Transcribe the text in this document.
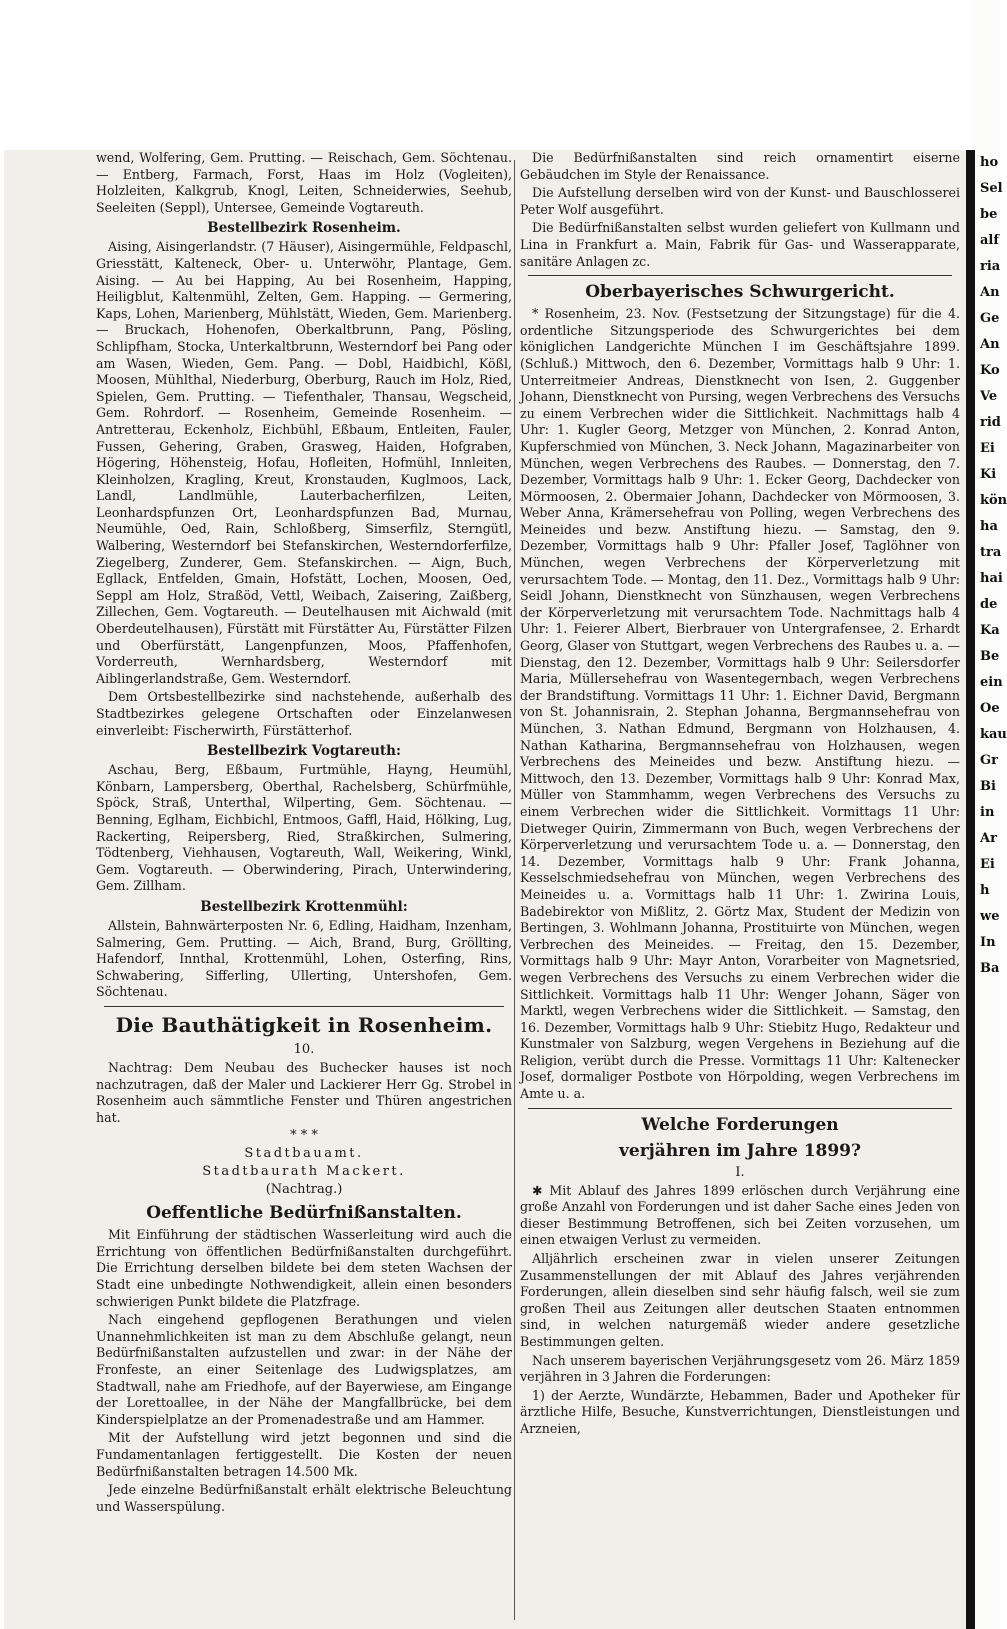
wend, Wolfering, Gem. Prutting. — Reischach, Gem. Söchtenau. — Entberg, Farmach, Forst, Haas im Holz (Vogleiten), Holzleiten, Kalkgrub, Knogl, Leiten, Schneiderwies, Seehub, Seeleiten (Seppl), Untersee, Gemeinde Vogtareuth.

Bestellbezirk Rosenheim.

Aising, Aisingerlandstr. (7 Häuser), Aisingermühle, Feldpaschl, Griesstätt, Kalteneck, Ober- u. Unterwöhr, Plantage, Gem. Aising. — Au bei Happing, Au bei Rosenheim, Happing, Heiligblut, Kaltenmühl, Zelten, Gem. Happing. — Germering, Kaps, Lohen, Marienberg, Mühlstätt, Wieden, Gem. Marienberg. — Bruckach, Hohenofen, Oberkaltbrunn, Pang, Pösling, Schlipfham, Stocka, Unterkaltbrunn, Westerndorf bei Pang oder am Wasen, Wieden, Gem. Pang. — Dobl, Haidbichl, Kößl, Moosen, Mühlthal, Niederburg, Oberburg, Rauch im Holz, Ried, Spielen, Gem. Prutting. — Tiefenthaler, Thansau, Wegscheid, Gem. Rohrdorf. — Rosenheim, Gemeinde Rosenheim. — Antretterau, Eckenholz, Eichbühl, Eßbaum, Entleiten, Fauler, Fussen, Gehering, Graben, Grasweg, Haiden, Hofgraben, Högering, Höhensteig, Hofau, Hofleiten, Hofmühl, Innleiten, Kleinholzen, Kragling, Kreut, Kronstauden, Kuglmoos, Lack, Landl, Landlmühle, Lauterbacherfilzen, Leiten, Leonhardspfunzen Ort, Leonhardspfunzen Bad, Murnau, Neumühle, Oed, Rain, Schloßberg, Simserfilz, Sterngütl, Walbering, Westerndorf bei Stefanskirchen, Westerndorferfilze, Ziegelberg, Zunderer, Gem. Stefanskirchen. — Aign, Buch, Egllack, Entfelden, Gmain, Hofstätt, Lochen, Moosen, Oed, Seppl am Holz, Straßöd, Vettl, Weibach, Zaisering, Zaißberg, Zillechen, Gem. Vogtareuth. — Deutelhausen mit Aichwald (mit Oberdeutelhausen), Fürstätt mit Fürstätter Au, Fürstätter Filzen und Oberfürstätt, Langenpfunzen, Moos, Pfaffenhofen, Vorderreuth, Wernhardsberg, Westerndorf mit Aiblingerlandstraße, Gem. Westerndorf.

Dem Ortsbestellbezirke sind nachstehende, außerhalb des Stadtbezirkes gelegene Ortschaften oder Einzelanwesen einverleibt: Fischerwirth, Fürstätterhof.

Bestellbezirk Vogtareuth:

Aschau, Berg, Eßbaum, Furtmühle, Hayng, Heumühl, Könbarn, Lampersberg, Oberthal, Rachelsberg, Schürfmühle, Spöck, Straß, Unterthal, Wilperting, Gem. Söchtenau. — Benning, Eglham, Eichbichl, Entmoos, Gaffl, Haid, Hölking, Lug, Rackerting, Reipersberg, Ried, Straßkirchen, Sulmering, Tödtenberg, Viehhausen, Vogtareuth, Wall, Weikering, Winkl, Gem. Vogtareuth. — Oberwindering, Pirach, Unterwindering, Gem. Zillham.

Bestellbezirk Krottenmühl:

Allstein, Bahnwärterposten Nr. 6, Edling, Haidham, Inzenham, Salmering, Gem. Prutting. — Aich, Brand, Burg, Gröllting, Hafendorf, Innthal, Krottenmühl, Lohen, Osterfing, Rins, Schwabering, Sifferling, Ullerting, Untershofen, Gem. Söchtenau.

Die Bauthätigkeit in Rosenheim.
10.

Nachtrag: Dem Neubau des Buchecker hauses ist noch nachzutragen, daß der Maler und Lackierer Herr Gg. Strobel in Rosenheim auch sämmtliche Fenster und Thüren angestrichen hat.

* * *
Stadtbauamt.
Stadtbaurath Mackert.
(Nachtrag.)
Oeffentliche Bedürfnißanstalten.

Mit Einführung der städtischen Wasserleitung wird auch die Errichtung von öffentlichen Bedürfnißanstalten durchgeführt. Die Errichtung derselben bildete bei dem steten Wachsen der Stadt eine unbedingte Nothwendigkeit, allein einen besonders schwierigen Punkt bildete die Platzfrage.

Nach eingehend gepflogenen Berathungen und vielen Unannehmlichkeiten ist man zu dem Abschluße gelangt, neun Bedürfnißanstalten aufzustellen und zwar: in der Nähe der Fronfeste, an einer Seitenlage des Ludwigsplatzes, am Stadtwall, nahe am Friedhofe, auf der Bayerwiese, am Eingange der Lorettoallee, in der Nähe der Mangfallbrücke, bei dem Kinderspielplatze an der Promenadestraße und am Hammer.

Mit der Aufstellung wird jetzt begonnen und sind die Fundamentanlagen fertiggestellt. Die Kosten der neuen Bedürfnißanstalten betragen 14.500 Mk.

Jede einzelne Bedürfnißanstalt erhält elektrische Beleuchtung und Wasserspülung.

Die Bedürfnißanstalten sind reich ornamentirt eiserne Gebäudchen im Style der Renaissance.

Die Aufstellung derselben wird von der Kunst- und Bauschlosserei Peter Wolf ausgeführt.

Die Bedürfnißanstalten selbst wurden geliefert von Kullmann und Lina in Frankfurt a. Main, Fabrik für Gas- und Wasserapparate, sanitäre Anlagen zc.

Oberbayerisches Schwurgericht.

* Rosenheim, 23. Nov. (Festsetzung der Sitzungstage) für die 4. ordentliche Sitzungsperiode des Schwurgerichtes bei dem königlichen Landgerichte München I im Geschäftsjahre 1899. (Schluß.) Mittwoch, den 6. Dezember, Vormittags halb 9 Uhr: 1. Unterreitmeier Andreas, Dienstknecht von Isen, 2. Guggenber Johann, Dienstknecht von Pursing, wegen Verbrechens des Versuchs zu einem Verbrechen wider die Sittlichkeit. Nachmittags halb 4 Uhr: 1. Kugler Georg, Metzger von München, 2. Konrad Anton, Kupferschmied von München, 3. Neck Johann, Magazinarbeiter von München, wegen Verbrechens des Raubes. — Donnerstag, den 7. Dezember, Vormittags halb 9 Uhr: 1. Ecker Georg, Dachdecker von Mörmoosen, 2. Obermaier Johann, Dachdecker von Mörmoosen, 3. Weber Anna, Krämersehefrau von Polling, wegen Verbrechens des Meineides und bezw. Anstiftung hiezu. — Samstag, den 9. Dezember, Vormittags halb 9 Uhr: Pfaller Josef, Taglöhner von München, wegen Verbrechens der Körperverletzung mit verursachtem Tode. — Montag, den 11. Dez., Vormittags halb 9 Uhr: Seidl Johann, Dienstknecht von Sünzhausen, wegen Verbrechens der Körperverletzung mit verursachtem Tode. Nachmittags halb 4 Uhr: 1. Feierer Albert, Bierbrauer von Untergrafensee, 2. Erhardt Georg, Glaser von Stuttgart, wegen Verbrechens des Raubes u. a. — Dienstag, den 12. Dezember, Vormittags halb 9 Uhr: Seilersdorfer Maria, Müllersehefrau von Wasentegernbach, wegen Verbrechens der Brandstiftung. Vormittags 11 Uhr: 1. Eichner David, Bergmann von St. Johannisrain, 2. Stephan Johanna, Bergmannsehefrau von München, 3. Nathan Edmund, Bergmann von Holzhausen, 4. Nathan Katharina, Bergmannsehefrau von Holzhausen, wegen Verbrechens des Meineides und bezw. Anstiftung hiezu. — Mittwoch, den 13. Dezember, Vormittags halb 9 Uhr: Konrad Max, Müller von Stammhamm, wegen Verbrechens des Versuchs zu einem Verbrechen wider die Sittlichkeit. Vormittags 11 Uhr: Dietweger Quirin, Zimmermann von Buch, wegen Verbrechens der Körperverletzung und verursachtem Tode u. a. — Donnerstag, den 14. Dezember, Vormittags halb 9 Uhr: Frank Johanna, Kesselschmiedsehefrau von München, wegen Verbrechens des Meineides u. a. Vormittags halb 11 Uhr: 1. Zwirina Louis, Badebirektor von Mißlitz, 2. Görtz Max, Student der Medizin von Bertingen, 3. Wohlmann Johanna, Prostituirte von München, wegen Verbrechen des Meineides. — Freitag, den 15. Dezember, Vormittags halb 9 Uhr: Mayr Anton, Vorarbeiter von Magnetsried, wegen Verbrechens des Versuchs zu einem Verbrechen wider die Sittlichkeit. Vormittags halb 11 Uhr: Wenger Johann, Säger von Marktl, wegen Verbrechens wider die Sittlichkeit. — Samstag, den 16. Dezember, Vormittags halb 9 Uhr: Stiebitz Hugo, Redakteur und Kunstmaler von Salzburg, wegen Vergehens in Beziehung auf die Religion, verübt durch die Presse. Vormittags 11 Uhr: Kaltenecker Josef, dormaliger Postbote von Hörpolding, wegen Verbrechens im Amte u. a.

Welche Forderungen
verjähren im Jahre 1899?
I.

✱ Mit Ablauf des Jahres 1899 erlöschen durch Verjährung eine große Anzahl von Forderungen und ist daher Sache eines Jeden von dieser Bestimmung Betroffenen, sich bei Zeiten vorzusehen, um einen etwaigen Verlust zu vermeiden.

Alljährlich erscheinen zwar in vielen unserer Zeitungen Zusammenstellungen der mit Ablauf des Jahres verjährenden Forderungen, allein dieselben sind sehr häufig falsch, weil sie zum großen Theil aus Zeitungen aller deutschen Staaten entnommen sind, in welchen naturgemäß wieder andere gesetzliche Bestimmungen gelten.

Nach unserem bayerischen Verjährungsgesetz vom 26. März 1859 verjähren in 3 Jahren die Forderungen:

1) der Aerzte, Wundärzte, Hebammen, Bader und Apotheker für ärztliche Hilfe, Besuche, Kunstverrichtungen, Dienstleistungen und Arzneien,

ho
Sel
be
alf
ria
An
Ge
An
Ko
Ve
rid
Ei
Ki
kön
ha
tra
hai
de
Ka
Be
ein
Oe
kau
Gr
Bi
in
Ar
Ei
h
we
In
Ba
